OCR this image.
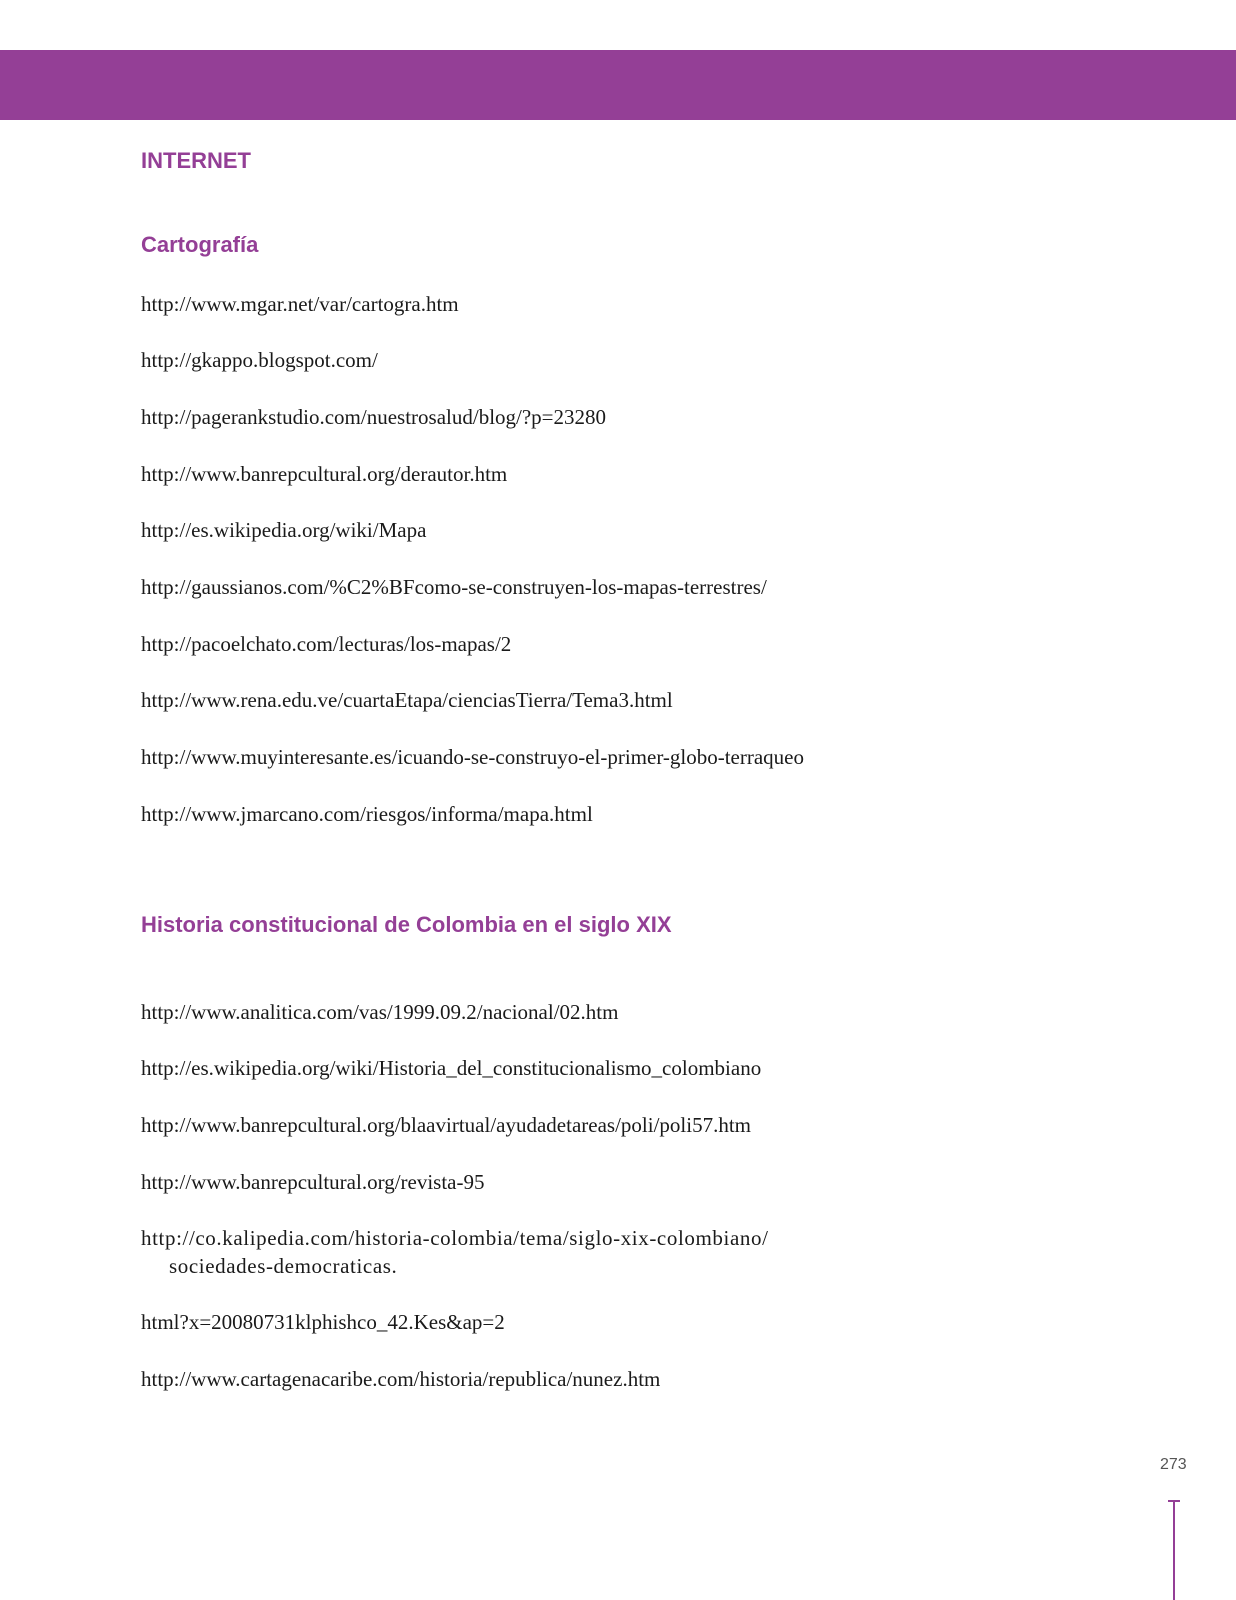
INTERNET
Cartografía
http://www.mgar.net/var/cartogra.htm
http://gkappo.blogspot.com/
http://pagerankstudio.com/nuestrosalud/blog/?p=23280
http://www.banrepcultural.org/derautor.htm
http://es.wikipedia.org/wiki/Mapa
http://gaussianos.com/%C2%BFcomo-se-construyen-los-mapas-terrestres/
http://pacoelchato.com/lecturas/los-mapas/2
http://www.rena.edu.ve/cuartaEtapa/cienciasTierra/Tema3.html
http://www.muyinteresante.es/icuando-se-construyo-el-primer-globo-terraqueo
http://www.jmarcano.com/riesgos/informa/mapa.html
Historia constitucional de Colombia en el siglo XIX
http://www.analitica.com/vas/1999.09.2/nacional/02.htm
http://es.wikipedia.org/wiki/Historia_del_constitucionalismo_colombiano
http://www.banrepcultural.org/blaavirtual/ayudadetareas/poli/poli57.htm
http://www.banrepcultural.org/revista-95
http://co.kalipedia.com/historia-colombia/tema/siglo-xix-colombiano/
sociedades-democraticas.
html?x=20080731klphishco_42.Kes&ap=2
http://www.cartagenacaribe.com/historia/republica/nunez.htm
273
